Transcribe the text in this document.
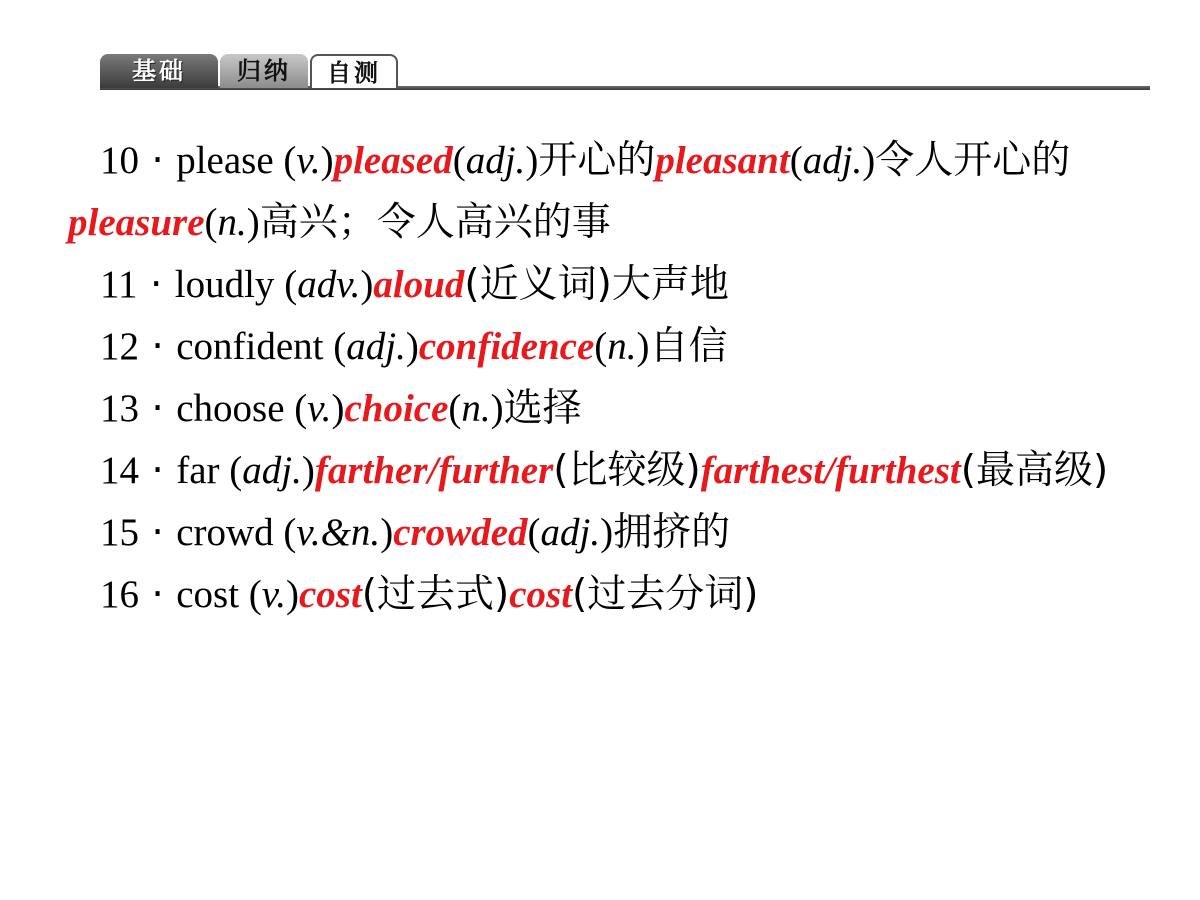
基础	归纳	自测

10 · please (v.)pleased(adj.)开心的pleasant(adj.)令人开心的pleasure(n.)高兴；令人高兴的事

11 · loudly (adv.)aloud(近义词)大声地

12 · confident (adj.)confidence(n.)自信

13 · choose (v.)choice(n.)选择

14 · far (adj.)farther/further(比较级)farthest/furthest(最高级)

15 · crowd (v.&n.)crowded(adj.)拥挤的

16 · cost (v.)cost(过去式)cost(过去分词)
